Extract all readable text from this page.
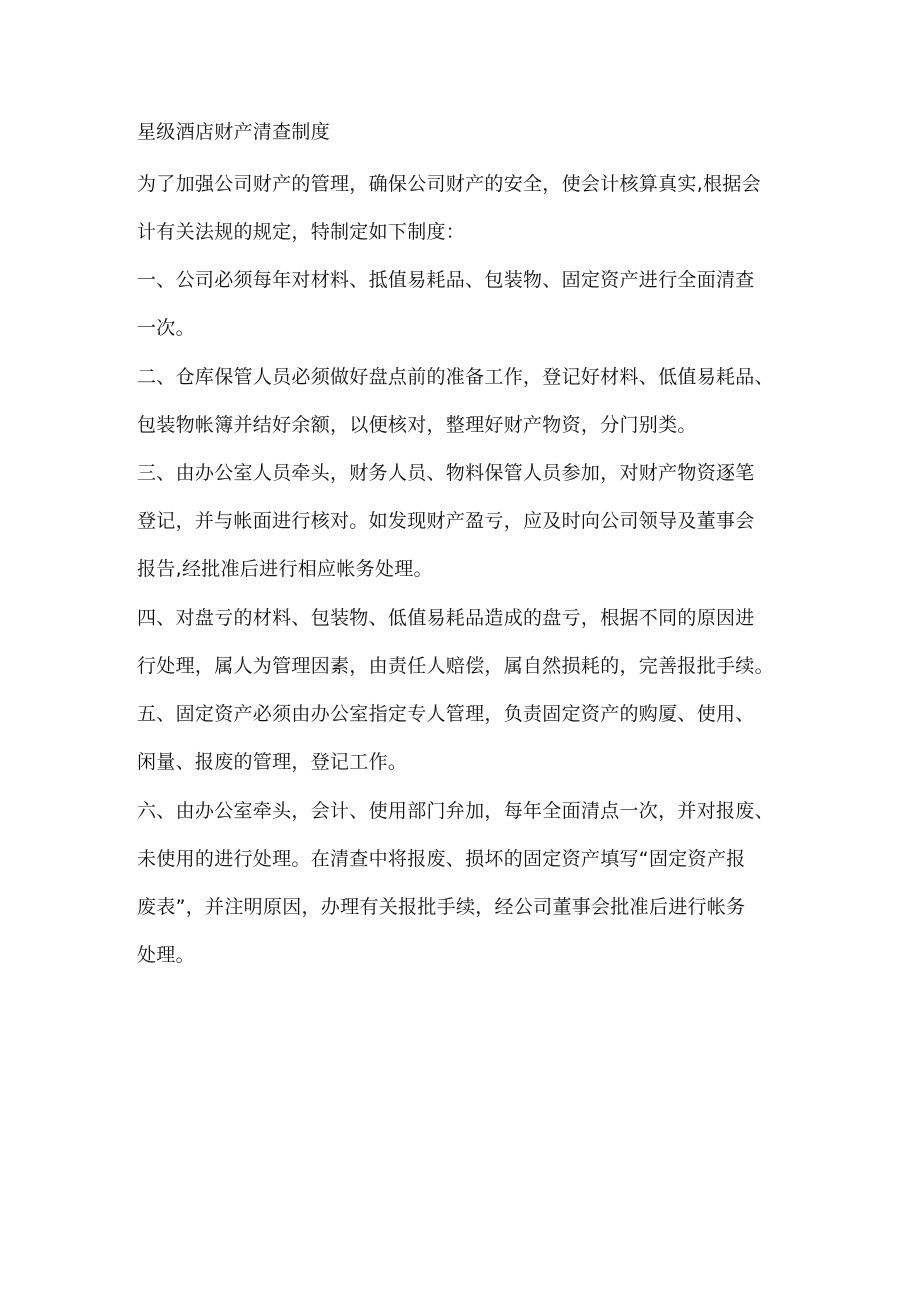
星级酒店财产清查制度
为了加强公司财产的管理，确保公司财产的安全，使会计核算真实,根据会
计有关法规的规定，特制定如下制度：
一、公司必须每年对材料、抵值易耗品、包装物、固定资产进行全面清查
一次。
二、仓库保管人员必须做好盘点前的准备工作，登记好材料、低值易耗品、
包装物帐簿并结好余额，以便核对，整理好财产物资，分门别类。
三、由办公室人员牵头，财务人员、物料保管人员参加，对财产物资逐笔
登记，并与帐面进行核对。如发现财产盈亏，应及时向公司领导及董事会
报告,经批准后进行相应帐务处理。
四、对盘亏的材料、包装物、低值易耗品造成的盘亏，根据不同的原因进
行处理，属人为管理因素，由责任人赔偿，属自然损耗的，完善报批手续。
五、固定资产必须由办公室指定专人管理，负责固定资产的购厦、使用、
闲量、报废的管理，登记工作。
六、由办公室牵头，会计、使用部门弁加，每年全面清点一次，并对报废、
未使用的进行处理。在清查中将报废、损坏的固定资产填写“固定资产报
废表”，并注明原因，办理有关报批手续，经公司董事会批准后进行帐务
处理。
